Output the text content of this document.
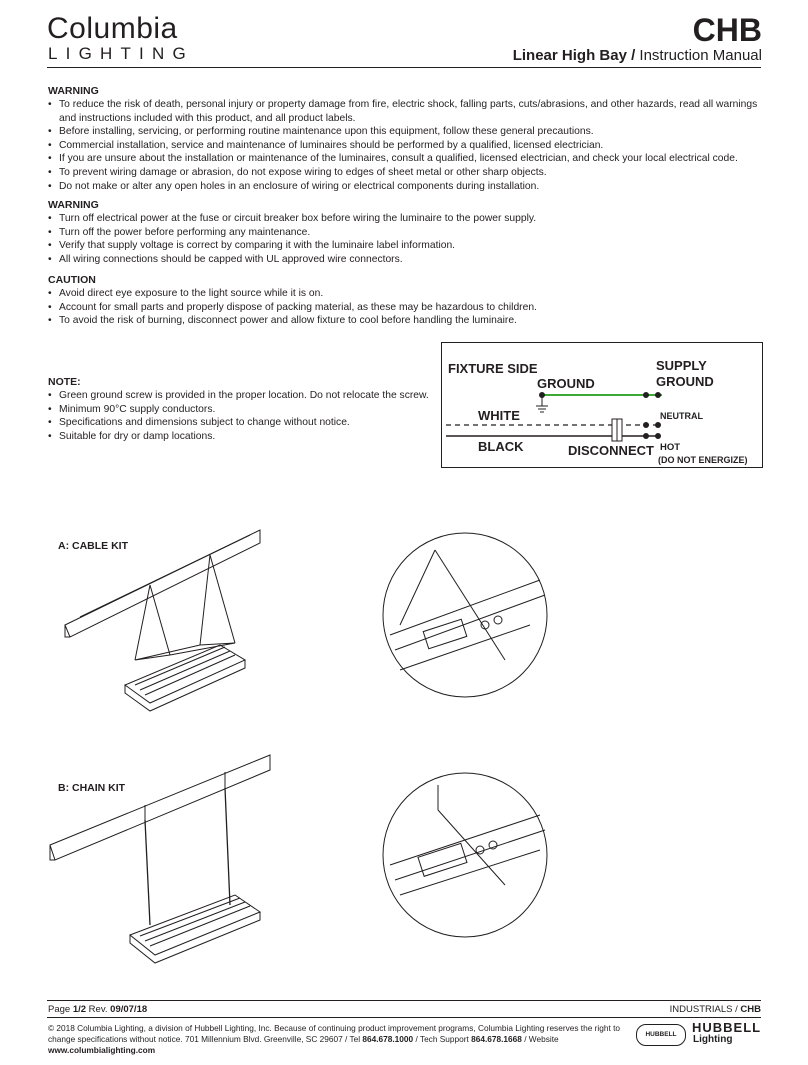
Columbia
LIGHTING
CHB
Linear High Bay / Instruction Manual
WARNING
• To reduce the risk of death, personal injury or property damage from fire, electric shock, falling parts, cuts/abrasions, and other hazards, read all warnings and instructions included with this product, and all product labels.
• Before installing, servicing, or performing routine maintenance upon this equipment, follow these general precautions.
• Commercial installation, service and maintenance of luminaires should be performed by a qualified, licensed electrician.
• If you are unsure about the installation or maintenance of the luminaires, consult a qualified, licensed electrician, and check your local electrical code.
• To prevent wiring damage or abrasion, do not expose wiring to edges of sheet metal or other sharp objects.
• Do not make or alter any open holes in an enclosure of wiring or electrical components during installation.
WARNING
• Turn off electrical power at the fuse or circuit breaker box before wiring the luminaire to the power supply.
• Turn off the power before performing any maintenance.
• Verify that supply voltage is correct by comparing it with the luminaire label information.
• All wiring connections should be capped with UL approved wire connectors.
CAUTION
• Avoid direct eye exposure to the light source while it is on.
• Account for small parts and properly dispose of packing material, as these may be hazardous to children.
• To avoid the risk of burning, disconnect power and allow fixture to cool before handling the luminaire.
NOTE:
• Green ground screw is provided in the proper location. Do not relocate the screw.
• Minimum 90°C supply conductors.
• Specifications and dimensions subject to change without notice.
• Suitable for dry or damp locations.
FIXTURE SIDE
GROUND
SUPPLY
GROUND
WHITE	NEUTRAL
BLACK	DISCONNECT HOT
(DO NOT ENERGIZE)
A: CABLE KIT
B: CHAIN KIT
Page 1/2 Rev. 09/07/18	INDUSTRIALS / CHB
© 2018 Columbia Lighting, a division of Hubbell Lighting, Inc. Because of continuing product improvement programs, Columbia Lighting reserves the right to change specifications without notice. 701 Millennium Blvd. Greenville, SC 29607 / Tel 864.678.1000 / Tech Support 864.678.1668 / Website www.columbialighting.com
HUBBELL	HUBBELL
Lighting
